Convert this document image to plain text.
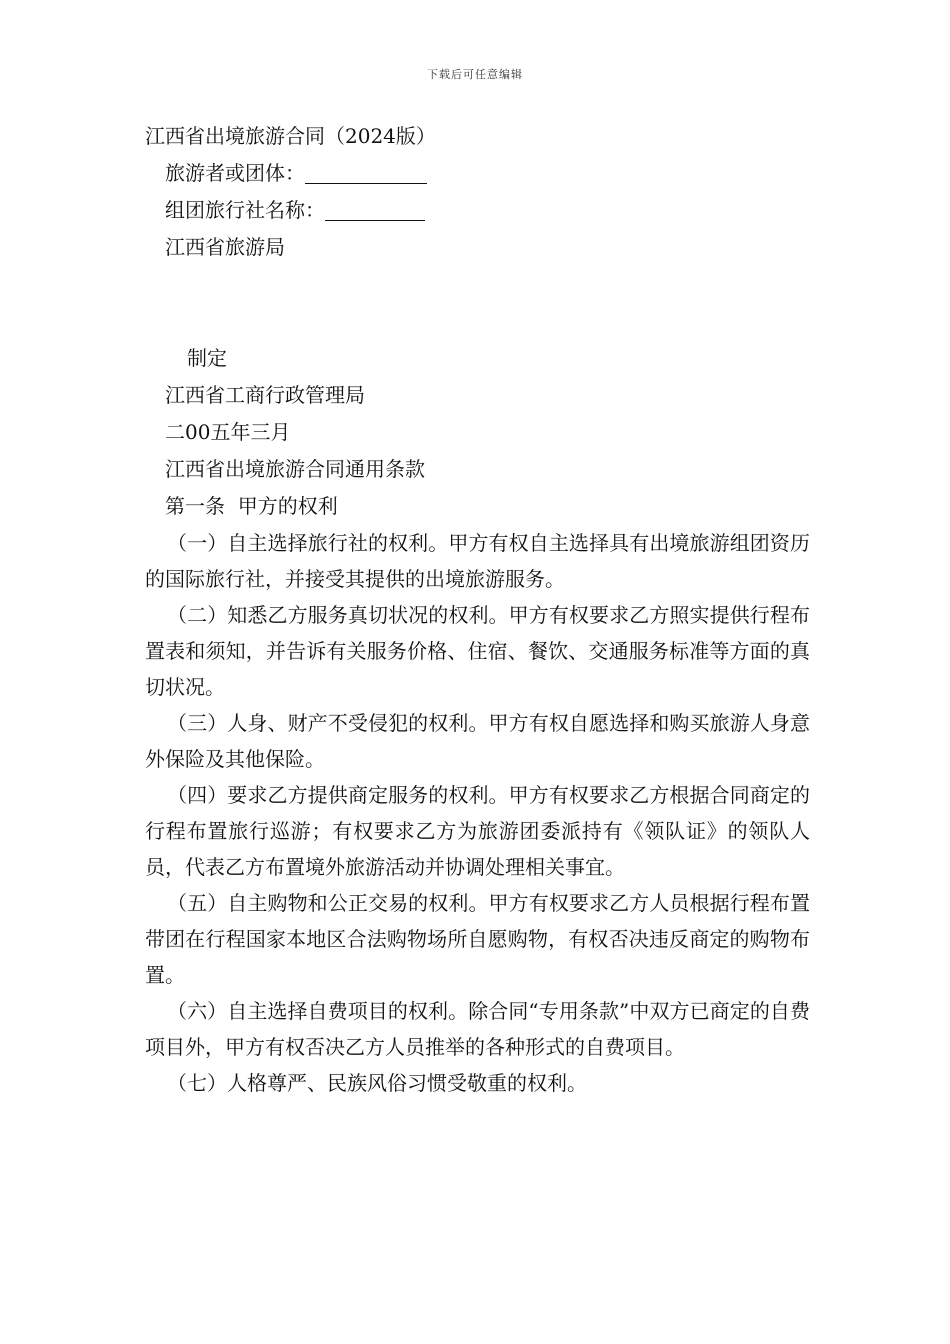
下载后可任意编辑
江西省出境旅游合同（2024版）
旅游者或团体：
组团旅行社名称：
江西省旅游局
制定
江西省工商行政管理局
二00五年三月
江西省出境旅游合同通用条款
第一条  甲方的权利
（一）自主选择旅行社的权利。甲方有权自主选择具有出境旅游组团资历的国际旅行社，并接受其提供的出境旅游服务。
（二）知悉乙方服务真切状况的权利。甲方有权要求乙方照实提供行程布置表和须知，并告诉有关服务价格、住宿、餐饮、交通服务标准等方面的真切状况。
（三）人身、财产不受侵犯的权利。甲方有权自愿选择和购买旅游人身意外保险及其他保险。
（四）要求乙方提供商定服务的权利。甲方有权要求乙方根据合同商定的行程布置旅行巡游；有权要求乙方为旅游团委派持有《领队证》的领队人员，代表乙方布置境外旅游活动并协调处理相关事宜。
（五）自主购物和公正交易的权利。甲方有权要求乙方人员根据行程布置带团在行程国家本地区合法购物场所自愿购物，有权否决违反商定的购物布置。
（六）自主选择自费项目的权利。除合同“专用条款”中双方已商定的自费项目外，甲方有权否决乙方人员推举的各种形式的自费项目。
（七）人格尊严、民族风俗习惯受敬重的权利。
